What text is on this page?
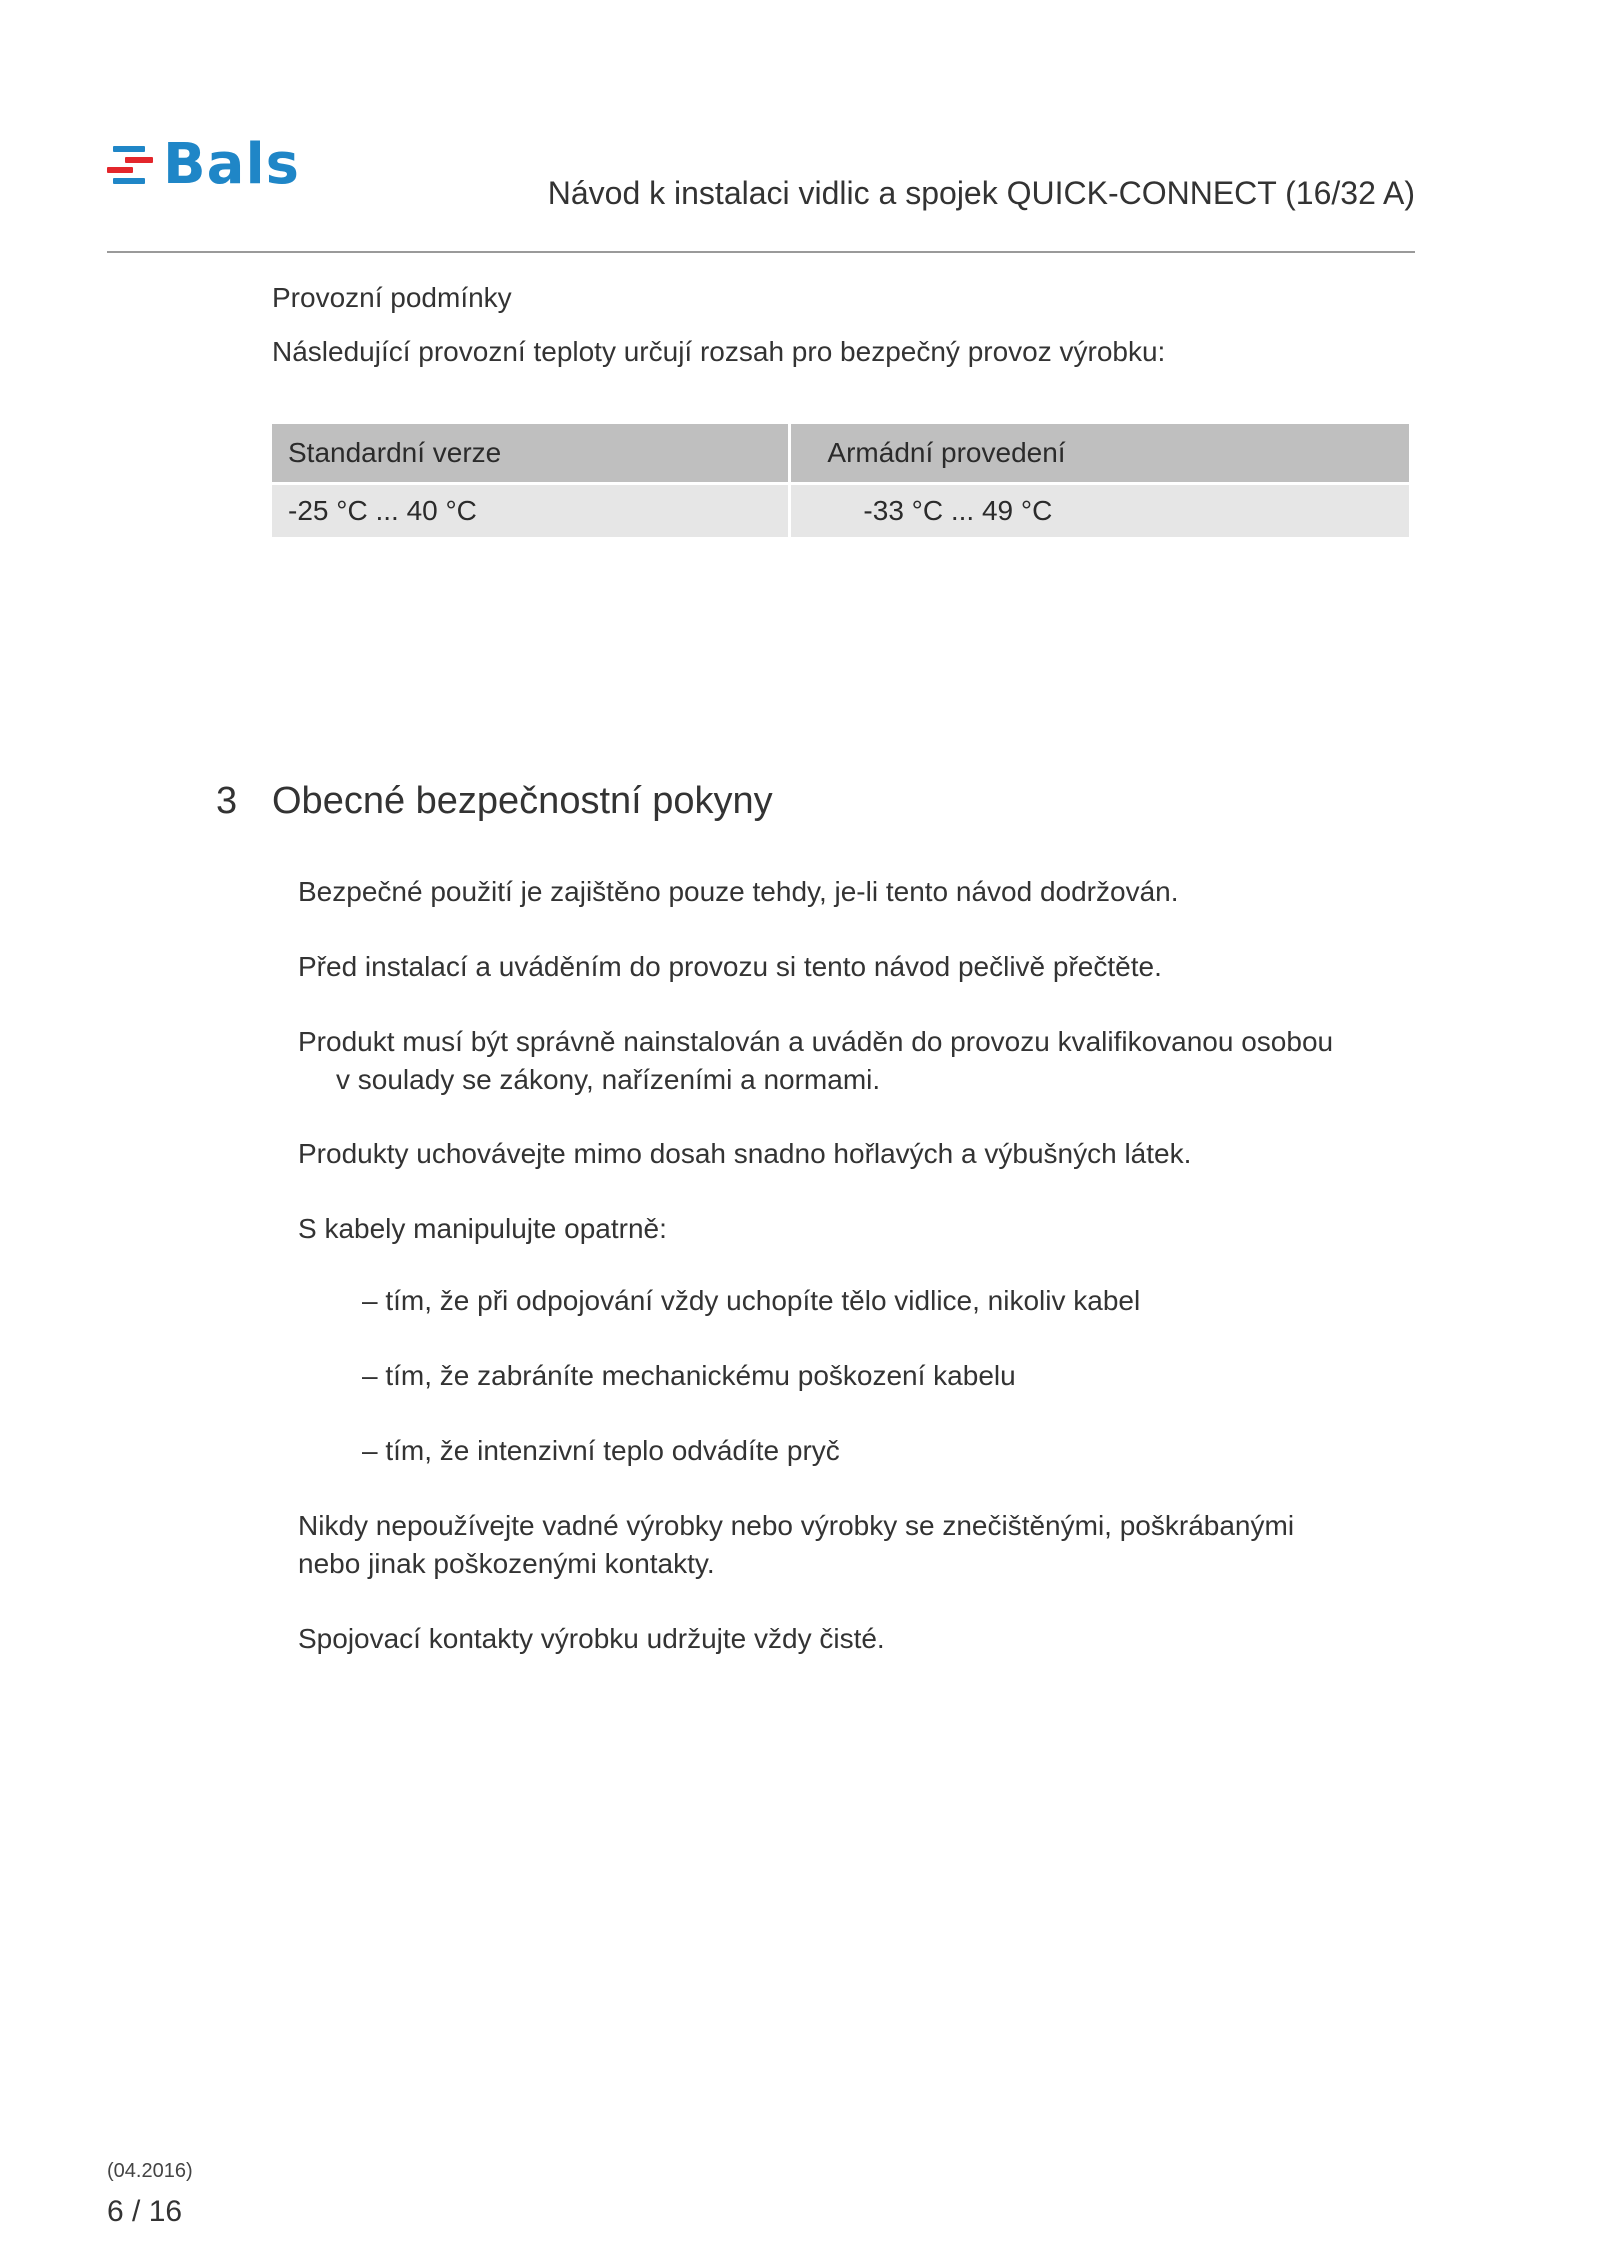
Bals	Návod k instalaci vidlic a spojek QUICK-CONNECT (16/32 A)

Provozní podmínky

Následující provozní teploty určují rozsah pro bezpečný provoz výrobku:

Standardní verze	Armádní provedení
-25 °C ... 40 °C	-33 °C ... 49 °C
3 Obecné bezpečnostní pokyny

Bezpečné použití je zajištěno pouze tehdy, je-li tento návod dodržován.

Před instalací a uváděním do provozu si tento návod pečlivě přečtěte.

Produkt musí být správně nainstalován a uváděn do provozu kvalifikovanou osobou
v soulady se zákony, nařízeními a normami.

Produkty uchovávejte mimo dosah snadno hořlavých a výbušných látek.

S kabely manipulujte opatrně:

– tím, že při odpojování vždy uchopíte tělo vidlice, nikoliv kabel

– tím, že zabráníte mechanickému poškození kabelu

– tím, že intenzivní teplo odvádíte pryč

Nikdy nepoužívejte vadné výrobky nebo výrobky se znečištěnými, poškrábanými
nebo jinak poškozenými kontakty.

Spojovací kontakty výrobku udržujte vždy čisté.

(04.2016)
6 / 16
